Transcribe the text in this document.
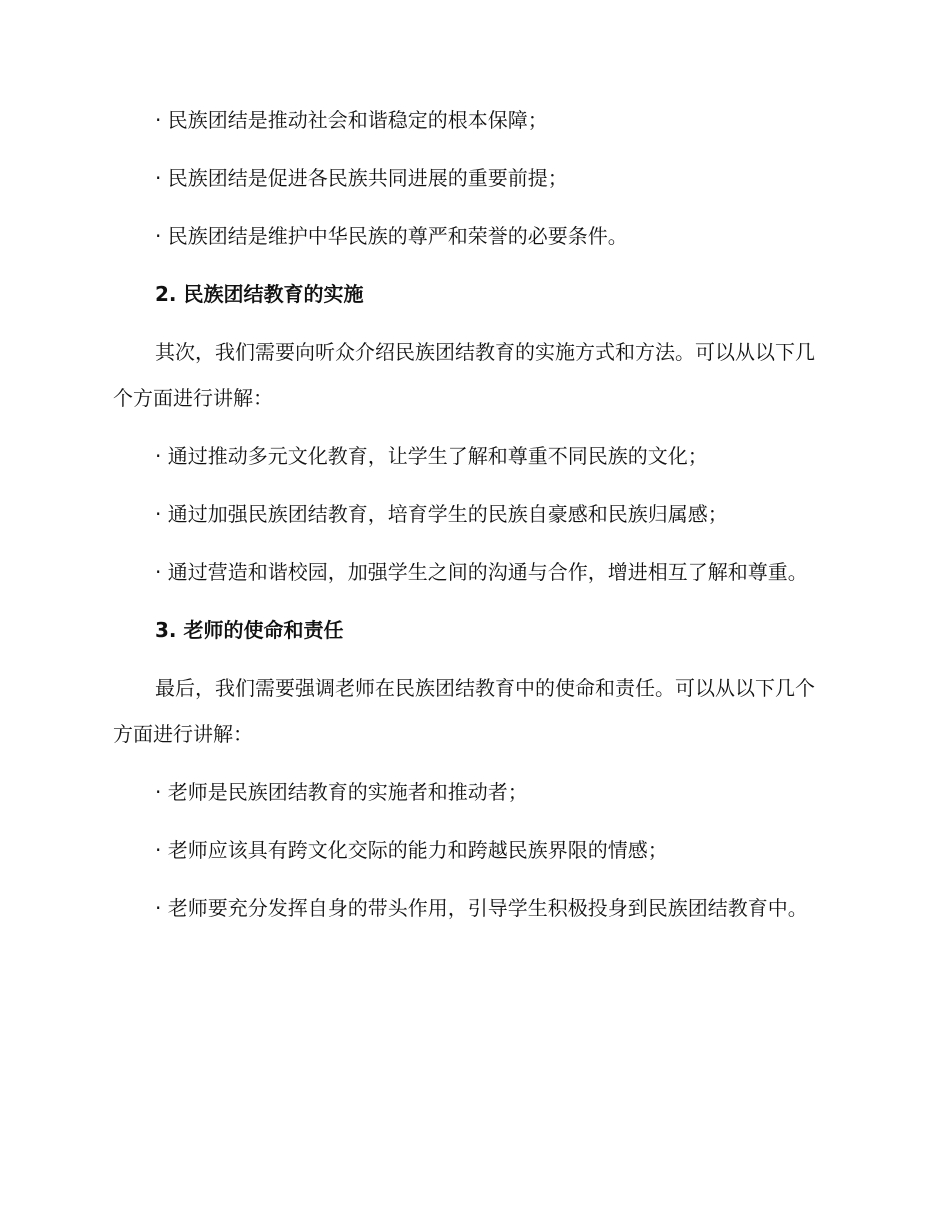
· 民族团结是推动社会和谐稳定的根本保障；

· 民族团结是促进各民族共同进展的重要前提；

· 民族团结是维护中华民族的尊严和荣誉的必要条件。

2. 民族团结教育的实施

其次，我们需要向听众介绍民族团结教育的实施方式和方法。可以从以下几个方面进行讲解：

· 通过推动多元文化教育，让学生了解和尊重不同民族的文化；

· 通过加强民族团结教育，培育学生的民族自豪感和民族归属感；

· 通过营造和谐校园，加强学生之间的沟通与合作，增进相互了解和尊重。

3. 老师的使命和责任

最后，我们需要强调老师在民族团结教育中的使命和责任。可以从以下几个方面进行讲解：

· 老师是民族团结教育的实施者和推动者；

· 老师应该具有跨文化交际的能力和跨越民族界限的情感；

· 老师要充分发挥自身的带头作用，引导学生积极投身到民族团结教育中。
